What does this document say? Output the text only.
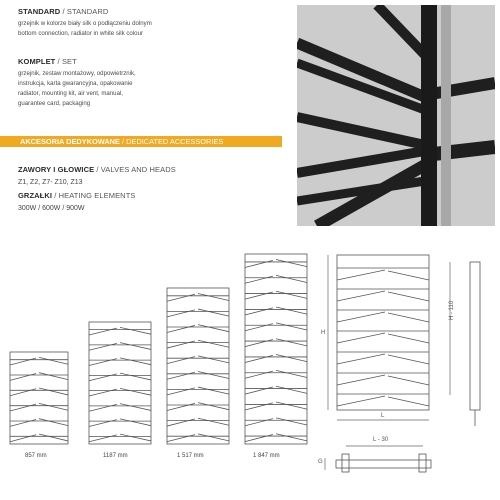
STANDARD / STANDARD
grzejnik w kolorze biały silk o podłączeniu dolnym
bottom connection, radiator in white silk colour
KOMPLET / SET
grzejnik, zestaw montażowy, odpowietrznik,
instrukcja, karta gwarancyjna, opakowanie
radiator, mounting kit, air vent, manual,
guarantee card, packaging
AKCESORIA DEDYKOWANE / DEDICATED ACCESSORIES
ZAWORY I GŁOWICE / VALVES AND HEADS
Z1, Z2, Z7- Z10, Z13
GRZAŁKI / HEATING ELEMENTS
300W / 600W / 900W
857 mm	1187 mm	1 517 mm	1 847 mm
H
H - 110
L
L - 30
G
